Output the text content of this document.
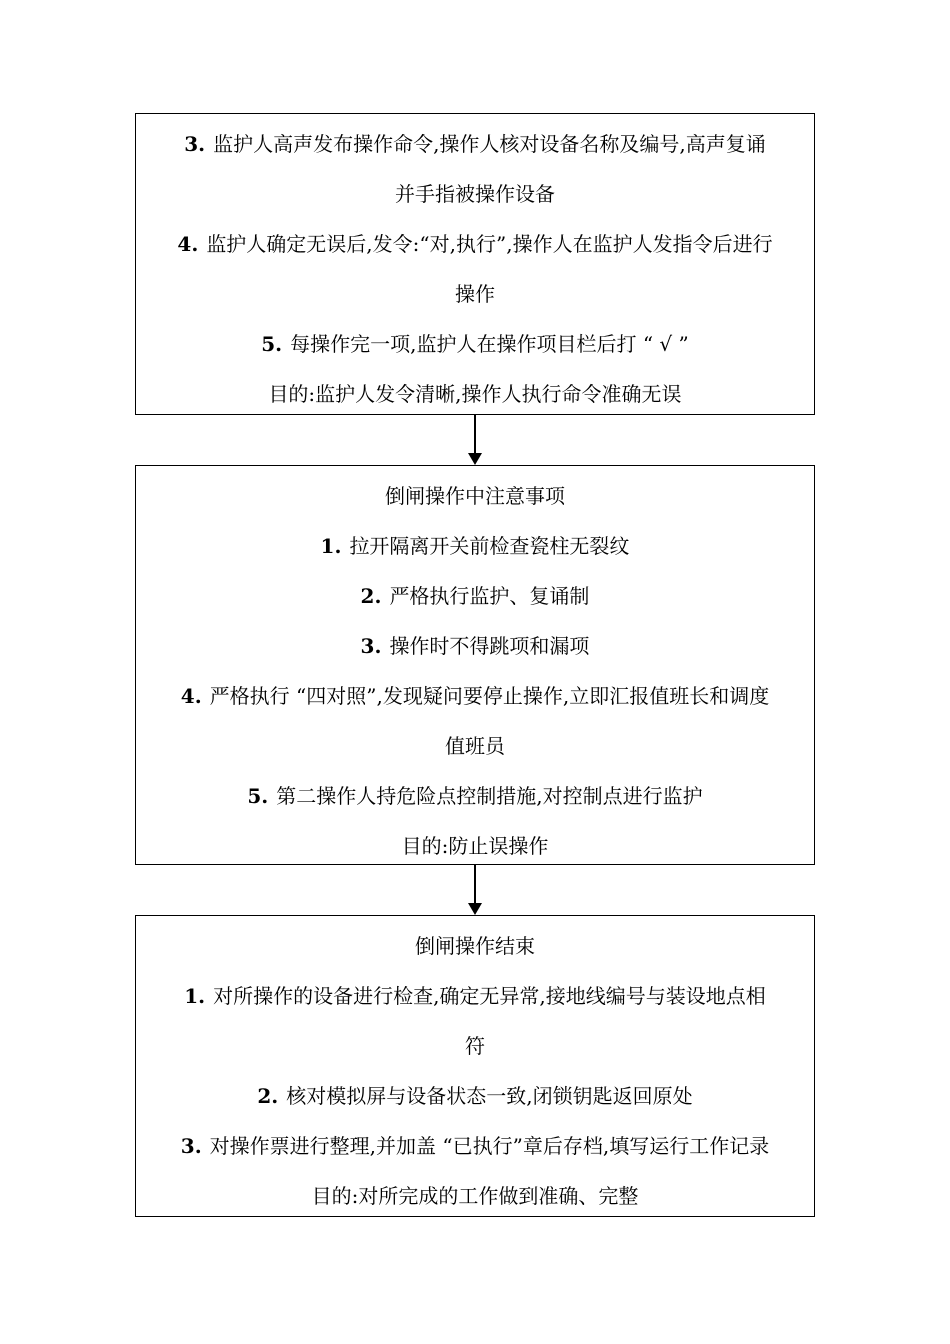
3. 监护人高声发布操作命令,操作人核对设备名称及编号,高声复诵
并手指被操作设备
4. 监护人确定无误后,发令:“对,执行”,操作人在监护人发指令后进行
操作
5. 每操作完一项,监护人在操作项目栏后打 “ √ ”
目的:监护人发令清晰,操作人执行命令准确无误
倒闸操作中注意事项
1. 拉开隔离开关前检查瓷柱无裂纹
2. 严格执行监护、复诵制
3. 操作时不得跳项和漏项
4. 严格执行 “四对照”,发现疑问要停止操作,立即汇报值班长和调度
值班员
5. 第二操作人持危险点控制措施,对控制点进行监护
目的:防止误操作
倒闸操作结束
1. 对所操作的设备进行检查,确定无异常,接地线编号与装设地点相
符
2. 核对模拟屏与设备状态一致,闭锁钥匙返回原处
3. 对操作票进行整理,并加盖 “已执行”章后存档,填写运行工作记录
目的:对所完成的工作做到准确、完整
